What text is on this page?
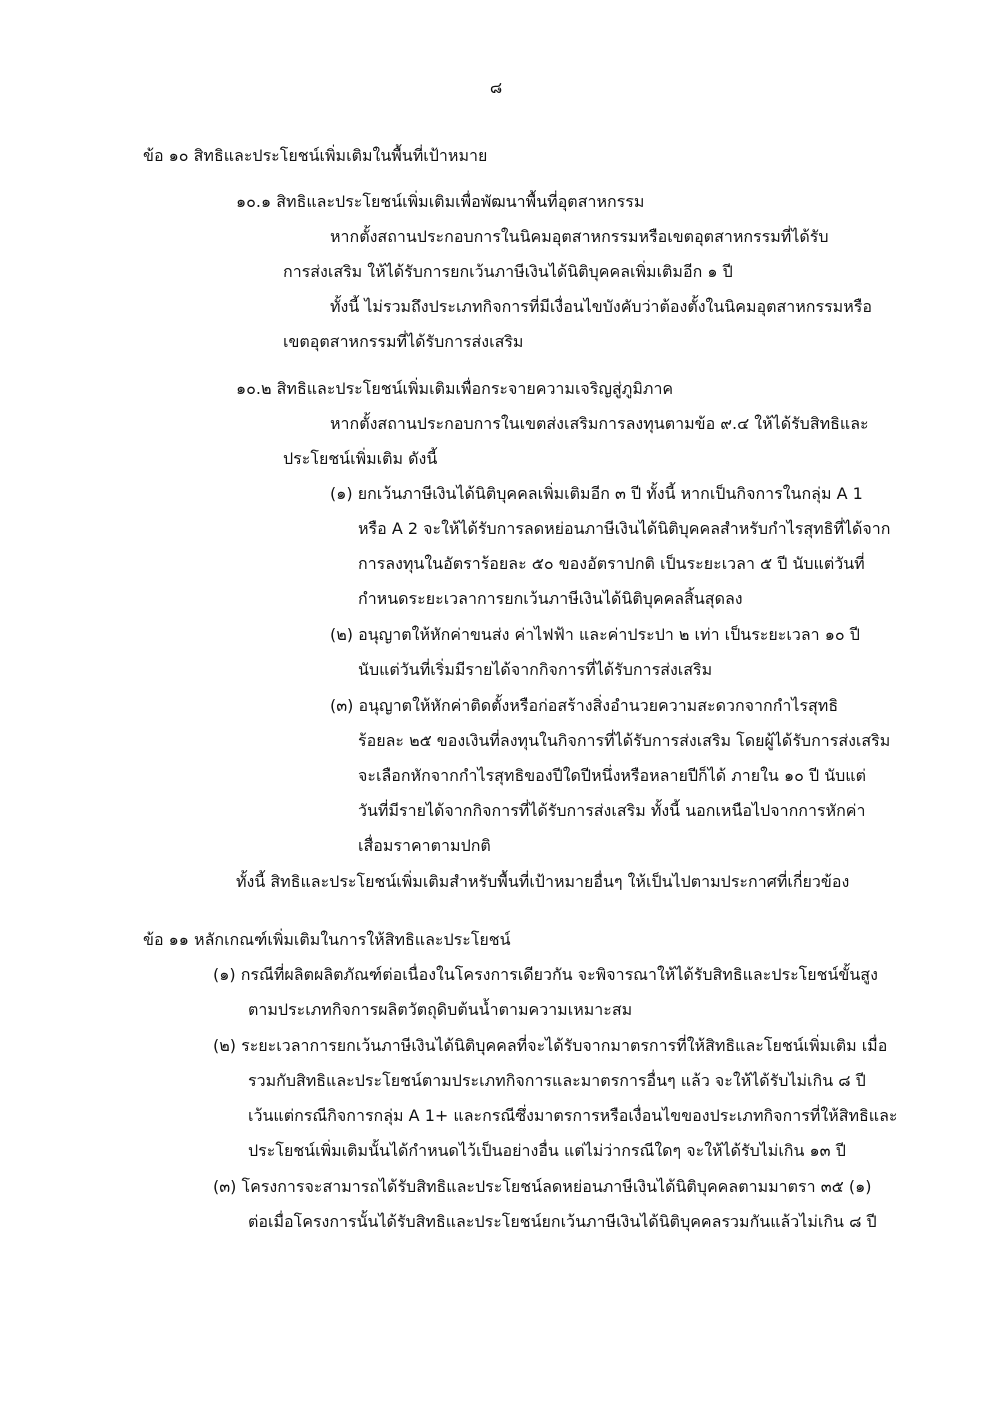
๘
ข้อ ๑๐ สิทธิและประโยชน์เพิ่มเติมในพื้นที่เป้าหมาย
๑๐.๑ สิทธิและประโยชน์เพิ่มเติมเพื่อพัฒนาพื้นที่อุตสาหกรรม
หากตั้งสถานประกอบการในนิคมอุตสาหกรรมหรือเขตอุตสาหกรรมที่ได้รับ
การส่งเสริม ให้ได้รับการยกเว้นภาษีเงินได้นิติบุคคลเพิ่มเติมอีก ๑ ปี
ทั้งนี้ ไม่รวมถึงประเภทกิจการที่มีเงื่อนไขบังคับว่าต้องตั้งในนิคมอุตสาหกรรมหรือ
เขตอุตสาหกรรมที่ได้รับการส่งเสริม
๑๐.๒ สิทธิและประโยชน์เพิ่มเติมเพื่อกระจายความเจริญสู่ภูมิภาค
หากตั้งสถานประกอบการในเขตส่งเสริมการลงทุนตามข้อ ๙.๔ ให้ได้รับสิทธิและ
ประโยชน์เพิ่มเติม ดังนี้
(๑) ยกเว้นภาษีเงินได้นิติบุคคลเพิ่มเติมอีก ๓ ปี ทั้งนี้ หากเป็นกิจการในกลุ่ม A 1
หรือ A 2 จะให้ได้รับการลดหย่อนภาษีเงินได้นิติบุคคลสำหรับกำไรสุทธิที่ได้จาก
การลงทุนในอัตราร้อยละ ๕๐ ของอัตราปกติ เป็นระยะเวลา ๕ ปี นับแต่วันที่
กำหนดระยะเวลาการยกเว้นภาษีเงินได้นิติบุคคลสิ้นสุดลง
(๒) อนุญาตให้หักค่าขนส่ง ค่าไฟฟ้า และค่าประปา ๒ เท่า เป็นระยะเวลา ๑๐ ปี
นับแต่วันที่เริ่มมีรายได้จากกิจการที่ได้รับการส่งเสริม
(๓) อนุญาตให้หักค่าติดตั้งหรือก่อสร้างสิ่งอำนวยความสะดวกจากกำไรสุทธิ
ร้อยละ ๒๕ ของเงินที่ลงทุนในกิจการที่ได้รับการส่งเสริม โดยผู้ได้รับการส่งเสริม
จะเลือกหักจากกำไรสุทธิของปีใดปีหนึ่งหรือหลายปีก็ได้ ภายใน ๑๐ ปี นับแต่
วันที่มีรายได้จากกิจการที่ได้รับการส่งเสริม ทั้งนี้ นอกเหนือไปจากการหักค่า
เสื่อมราคาตามปกติ
ทั้งนี้ สิทธิและประโยชน์เพิ่มเติมสำหรับพื้นที่เป้าหมายอื่นๆ ให้เป็นไปตามประกาศที่เกี่ยวข้อง
ข้อ ๑๑ หลักเกณฑ์เพิ่มเติมในการให้สิทธิและประโยชน์
(๑) กรณีที่ผลิตผลิตภัณฑ์ต่อเนื่องในโครงการเดียวกัน จะพิจารณาให้ได้รับสิทธิและประโยชน์ขั้นสูง
ตามประเภทกิจการผลิตวัตถุดิบต้นน้ำตามความเหมาะสม
(๒) ระยะเวลาการยกเว้นภาษีเงินได้นิติบุคคลที่จะได้รับจากมาตรการที่ให้สิทธิและโยชน์เพิ่มเติม เมื่อ
รวมกับสิทธิและประโยชน์ตามประเภทกิจการและมาตรการอื่นๆ แล้ว จะให้ได้รับไม่เกิน ๘ ปี
เว้นแต่กรณีกิจการกลุ่ม A 1+ และกรณีซึ่งมาตรการหรือเงื่อนไขของประเภทกิจการที่ให้สิทธิและ
ประโยชน์เพิ่มเติมนั้นได้กำหนดไว้เป็นอย่างอื่น แต่ไม่ว่ากรณีใดๆ จะให้ได้รับไม่เกิน ๑๓ ปี
(๓) โครงการจะสามารถได้รับสิทธิและประโยชน์ลดหย่อนภาษีเงินได้นิติบุคคลตามมาตรา ๓๕ (๑)
ต่อเมื่อโครงการนั้นได้รับสิทธิและประโยชน์ยกเว้นภาษีเงินได้นิติบุคคลรวมกันแล้วไม่เกิน ๘ ปี
